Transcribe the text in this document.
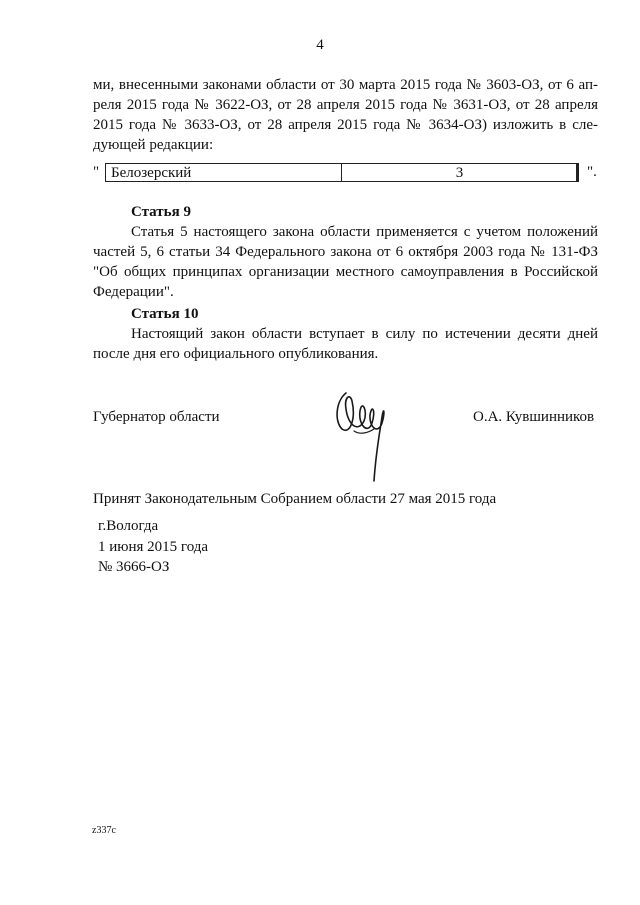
4
ми, внесенными законами области от 30 марта 2015 года № 3603-ОЗ, от 6 ап-
реля 2015 года № 3622-ОЗ, от 28 апреля 2015 года № 3631-ОЗ, от 28 апреля
2015 года № 3633-ОЗ, от 28 апреля 2015 года № 3634-ОЗ) изложить в сле-
дующей редакции:
" Белозерский	3	".
Статья 9
Статья 5 настоящего закона области применяется с учетом положений
частей 5, 6 статьи 34 Федерального закона от 6 октября 2003 года № 131-ФЗ
"Об общих принципах организации местного самоуправления в Российской
Федерации".
Статья 10
Настоящий закон области вступает в силу по истечении десяти дней
после дня его официального опубликования.
Губернатор области	О.А. Кувшинников
Принят Законодательным Собранием области 27 мая 2015 года
г.Вологда
1 июня 2015 года
№ 3666-ОЗ
z337c
